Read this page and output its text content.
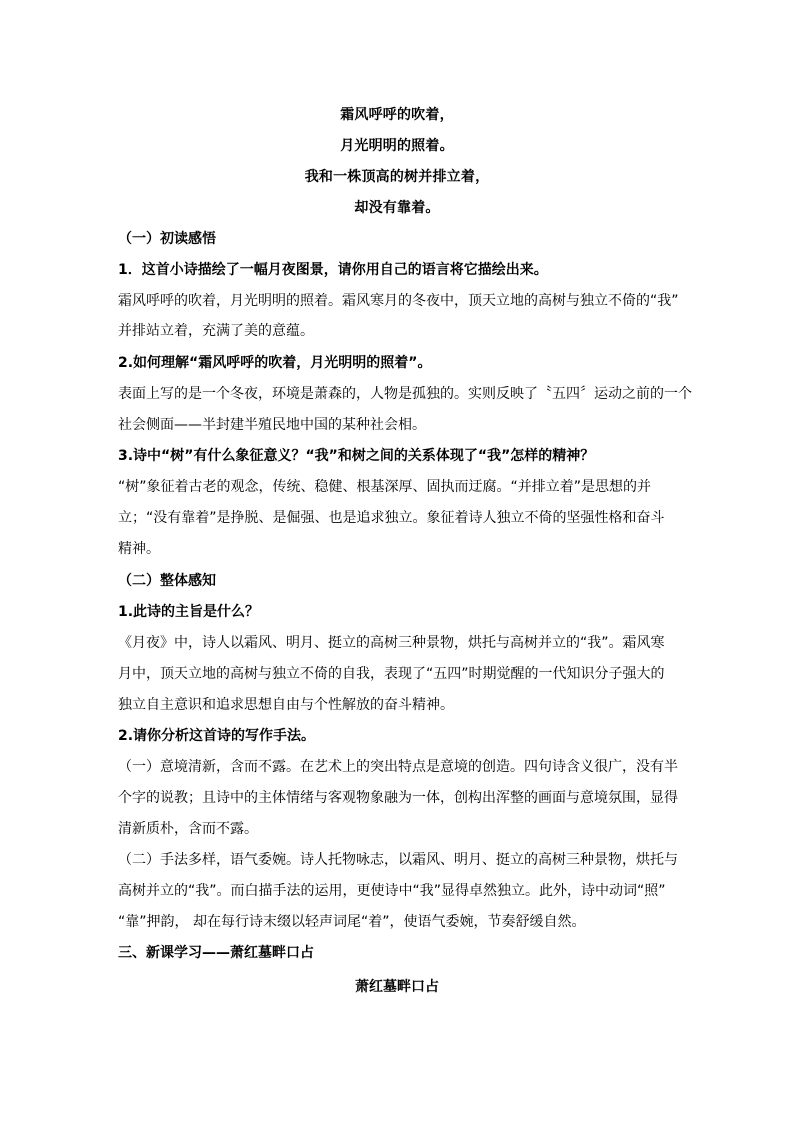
霜风呼呼的吹着，
月光明明的照着。
我和一株顶高的树并排立着，
却没有靠着。
（一）初读感悟
1．这首小诗描绘了一幅月夜图景，请你用自己的语言将它描绘出来。
霜风呼呼的吹着，月光明明的照着。霜风寒月的冬夜中，顶天立地的高树与独立不倚的“我”
并排站立着，充满了美的意蕴。
2.如何理解“霜风呼呼的吹着，月光明明的照着”。
表面上写的是一个冬夜，环境是萧森的，人物是孤独的。实则反映了〝五四〞运动之前的一个
社会侧面——半封建半殖民地中国的某种社会相。
3.诗中“树”有什么象征意义？“我”和树之间的关系体现了“我”怎样的精神？
“树”象征着古老的观念，传统、稳健、根基深厚、固执而迂腐。“并排立着”是思想的并
立；“没有靠着”是挣脱、是倔强、也是追求独立。象征着诗人独立不倚的坚强性格和奋斗
精神。
（二）整体感知
1.此诗的主旨是什么？
《月夜》中，诗人以霜风、明月、挺立的高树三种景物，烘托与高树并立的“我”。霜风寒
月中，顶天立地的高树与独立不倚的自我，表现了“五四”时期觉醒的一代知识分子强大的
独立自主意识和追求思想自由与个性解放的奋斗精神。
2.请你分析这首诗的写作手法。
（一）意境清新，含而不露。在艺术上的突出特点是意境的创造。四句诗含义很广，没有半
个字的说教；且诗中的主体情绪与客观物象融为一体，创构出浑整的画面与意境氛围，显得
清新质朴，含而不露。
（二）手法多样，语气委婉。诗人托物咏志，以霜风、明月、挺立的高树三种景物，烘托与
高树并立的“我”。而白描手法的运用，更使诗中“我”显得卓然独立。此外，诗中动词“照”
“靠”押韵， 却在每行诗末缀以轻声词尾“着”，使语气委婉，节奏舒缓自然。
三、新课学习——萧红墓畔口占
萧红墓畔口占
